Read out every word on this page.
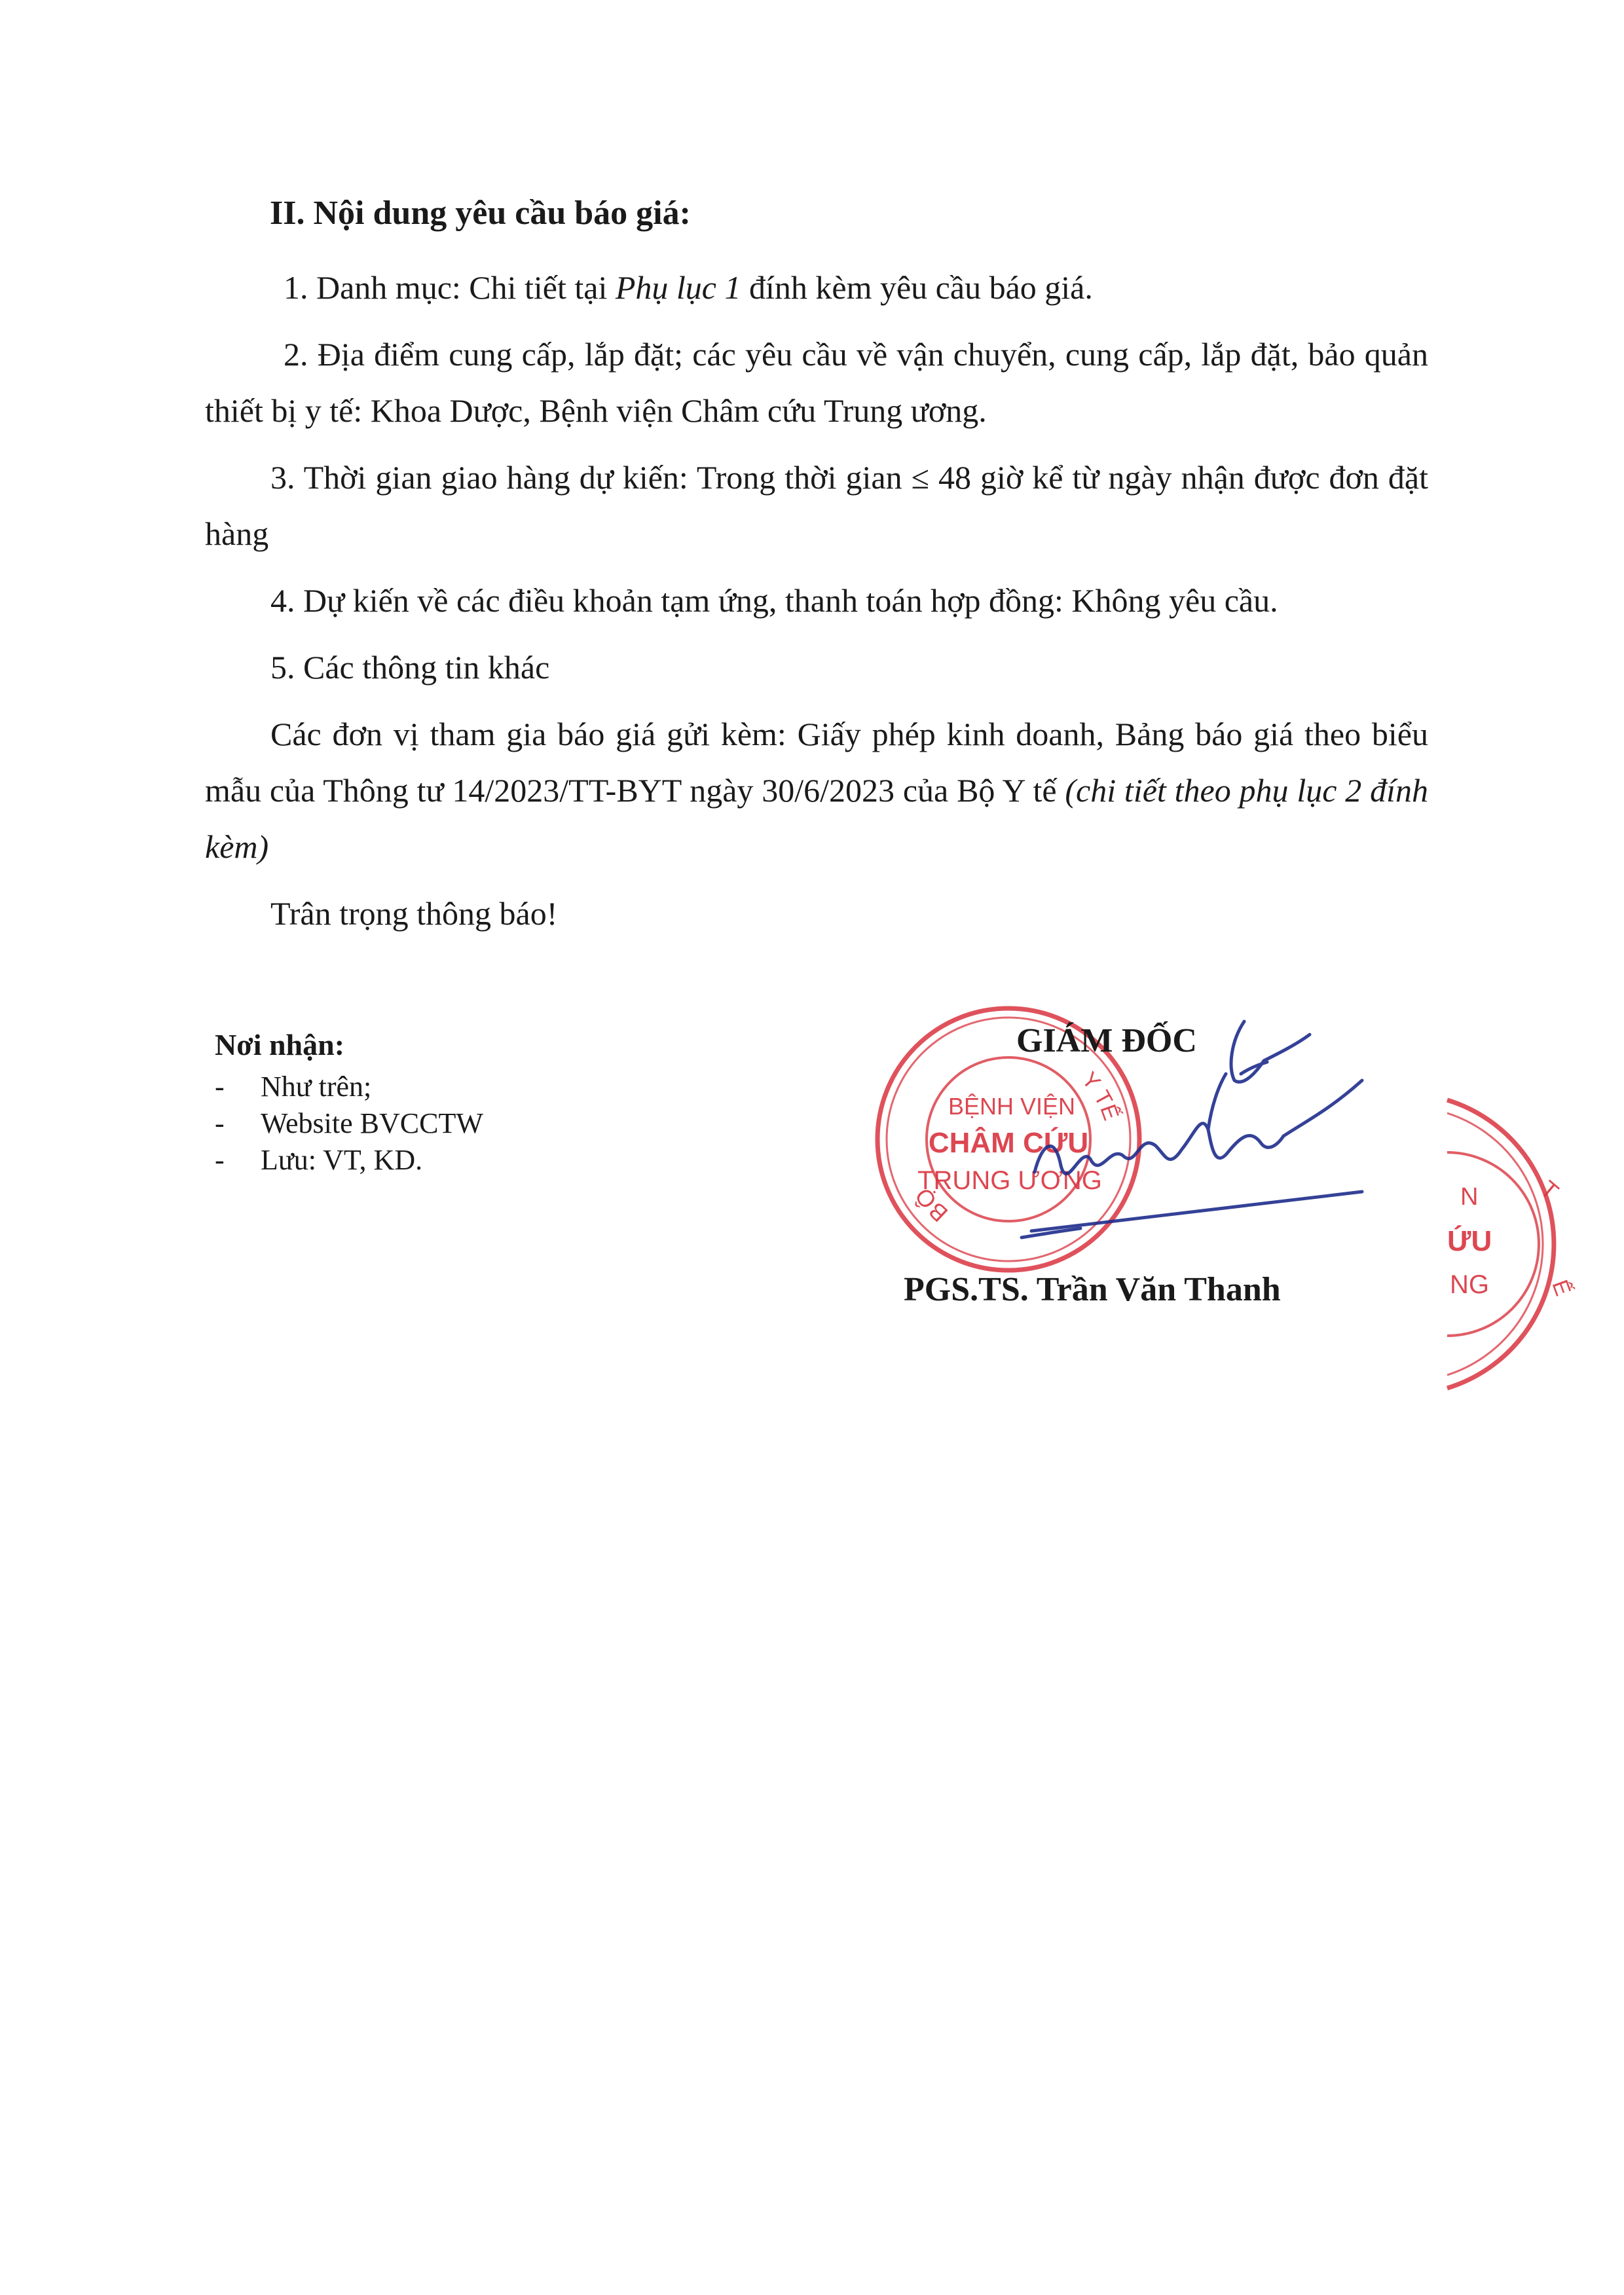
II. Nội dung yêu cầu báo giá:

1. Danh mục: Chi tiết tại Phụ lục 1 đính kèm yêu cầu báo giá.

2. Địa điểm cung cấp, lắp đặt; các yêu cầu về vận chuyển, cung cấp, lắp đặt, bảo quản thiết bị y tế: Khoa Dược, Bệnh viện Châm cứu Trung ương.

3. Thời gian giao hàng dự kiến: Trong thời gian ≤ 48 giờ kể từ ngày nhận được đơn đặt hàng

4. Dự kiến về các điều khoản tạm ứng, thanh toán hợp đồng: Không yêu cầu.

5. Các thông tin khác

Các đơn vị tham gia báo giá gửi kèm: Giấy phép kinh doanh, Bảng báo giá theo biểu mẫu của Thông tư 14/2023/TT-BYT ngày 30/6/2023 của Bộ Y tế (chi tiết theo phụ lục 2 đính kèm)

Trân trọng thông báo!

Nơi nhận:
- Như trên;
- Website BVCCTW
- Lưu: VT, KD.
BỘ
Y TẾ
BỆNH VIỆN
CHÂM CỨU
TRUNG ƯƠNG
N
ỨU
NG
T
Ế
GIÁM ĐỐC
PGS.TS. Trần Văn Thanh
